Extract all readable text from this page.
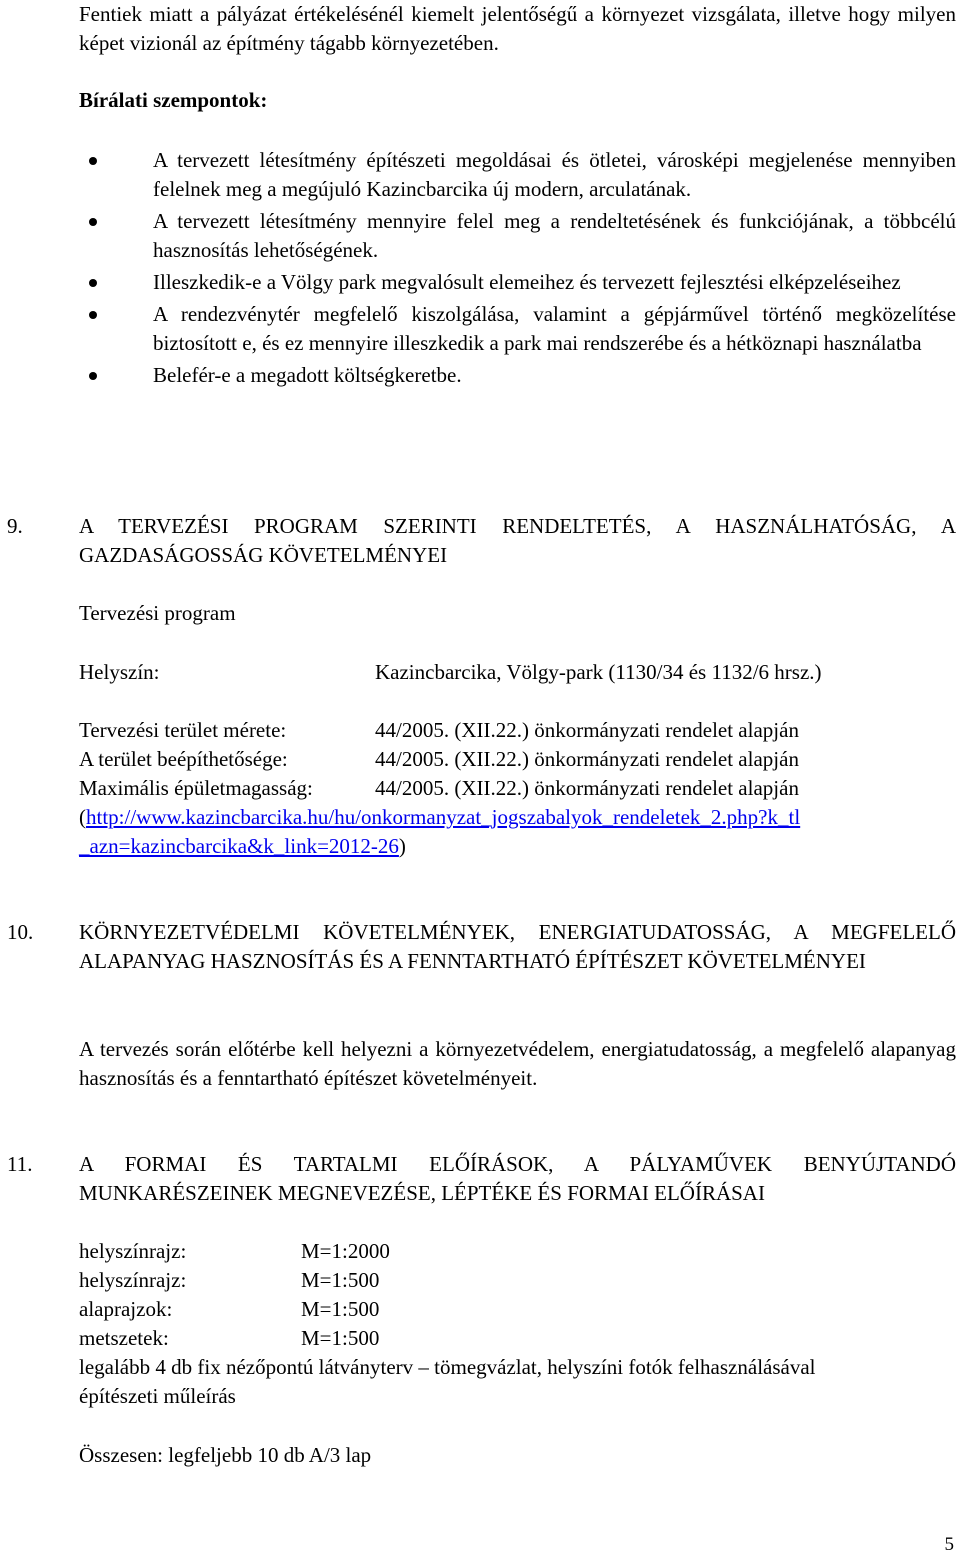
Fentiek miatt a pályázat értékelésénél kiemelt jelentőségű a környezet vizsgálata, illetve hogy milyen képet vizionál az építmény tágabb környezetében.

Bírálati szempontok:

A tervezett létesítmény építészeti megoldásai és ötletei, városképi megjelenése mennyiben felelnek meg a megújuló Kazincbarcika új modern, arculatának.
A tervezett létesítmény mennyire felel meg a rendeltetésének és funkciójának, a többcélú hasznosítás lehetőségének.
Illeszkedik-e a Völgy park megvalósult elemeihez és tervezett fejlesztési elképzeléseihez
A rendezvénytér megfelelő kiszolgálása, valamint a gépjárművel történő megközelítése biztosított e, és ez mennyire illeszkedik a park mai rendszerébe és a hétköznapi használatba
Belefér-e a megadott költségkeretbe.
9.	A TERVEZÉSI PROGRAM SZERINTI RENDELTETÉS, A HASZNÁLHATÓSÁG, A GAZDASÁGOSSÁG KÖVETELMÉNYEI

Tervezési program

Helyszín:	Kazincbarcika, Völgy-park (1130/34 és 1132/6 hrsz.)
Tervezési terület mérete:	44/2005. (XII.22.) önkormányzati rendelet alapján
A terület beépíthetősége:	44/2005. (XII.22.) önkormányzati rendelet alapján
Maximális épületmagasság:	44/2005. (XII.22.) önkormányzati rendelet alapján
(http://www.kazincbarcika.hu/hu/onkormanyzat_jogszabalyok_rendeletek_2.php?k_tl
_azn=kazincbarcika&k_link=2012-26)
10. KÖRNYEZETVÉDELMI KÖVETELMÉNYEK, ENERGIATUDATOSSÁG, A MEGFELELŐ ALAPANYAG HASZNOSÍTÁS ÉS A FENNTARTHATÓ ÉPÍTÉSZET KÖVETELMÉNYEI

A tervezés során előtérbe kell helyezni a környezetvédelem, energiatudatosság, a megfelelő alapanyag hasznosítás és a fenntartható építészet követelményeit.

11. A FORMAI ÉS TARTALMI ELŐÍRÁSOK, A PÁLYAMŰVEK BENYÚJTANDÓ MUNKARÉSZEINEK MEGNEVEZÉSE, LÉPTÉKE ÉS FORMAI ELŐÍRÁSAI

helyszínrajz:	M=1:2000
helyszínrajz:	M=1:500
alaprajzok:	M=1:500
metszetek:	M=1:500

legalább 4 db fix nézőpontú látványterv – tömegvázlat, helyszíni fotók felhasználásával

építészeti műleírás

Összesen: legfeljebb 10 db A/3 lap

5
